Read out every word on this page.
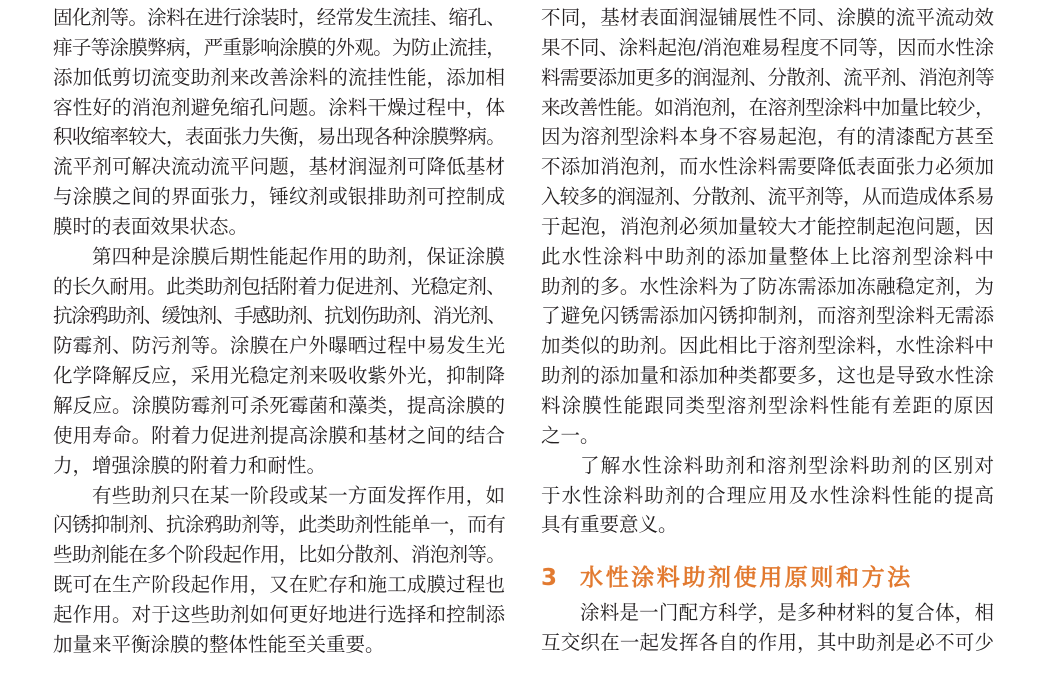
固化剂等。涂料在进行涂装时，经常发生流挂、缩孔、
痱子等涂膜弊病，严重影响涂膜的外观。为防止流挂，
添加低剪切流变助剂来改善涂料的流挂性能，添加相
容性好的消泡剂避免缩孔问题。涂料干燥过程中，体
积收缩率较大，表面张力失衡，易出现各种涂膜弊病。
流平剂可解决流动流平问题，基材润湿剂可降低基材
与涂膜之间的界面张力，锤纹剂或银排助剂可控制成
膜时的表面效果状态。
第四种是涂膜后期性能起作用的助剂，保证涂膜
的长久耐用。此类助剂包括附着力促进剂、光稳定剂、
抗涂鸦助剂、缓蚀剂、手感助剂、抗划伤助剂、消光剂、
防霉剂、防污剂等。涂膜在户外曝晒过程中易发生光
化学降解反应，采用光稳定剂来吸收紫外光，抑制降
解反应。涂膜防霉剂可杀死霉菌和藻类，提高涂膜的
使用寿命。附着力促进剂提高涂膜和基材之间的结合
力，增强涂膜的附着力和耐性。
有些助剂只在某一阶段或某一方面发挥作用，如
闪锈抑制剂、抗涂鸦助剂等，此类助剂性能单一，而有
些助剂能在多个阶段起作用，比如分散剂、消泡剂等。
既可在生产阶段起作用，又在贮存和施工成膜过程也
起作用。对于这些助剂如何更好地进行选择和控制添
加量来平衡涂膜的整体性能至关重要。
不同，基材表面润湿铺展性不同、涂膜的流平流动效
果不同、涂料起泡/消泡难易程度不同等，因而水性涂
料需要添加更多的润湿剂、分散剂、流平剂、消泡剂等
来改善性能。如消泡剂，在溶剂型涂料中加量比较少，
因为溶剂型涂料本身不容易起泡，有的清漆配方甚至
不添加消泡剂，而水性涂料需要降低表面张力必须加
入较多的润湿剂、分散剂、流平剂等，从而造成体系易
于起泡，消泡剂必须加量较大才能控制起泡问题，因
此水性涂料中助剂的添加量整体上比溶剂型涂料中
助剂的多。水性涂料为了防冻需添加冻融稳定剂，为
了避免闪锈需添加闪锈抑制剂，而溶剂型涂料无需添
加类似的助剂。因此相比于溶剂型涂料，水性涂料中
助剂的添加量和添加种类都要多，这也是导致水性涂
料涂膜性能跟同类型溶剂型涂料性能有差距的原因
之一。
了解水性涂料助剂和溶剂型涂料助剂的区别对
于水性涂料助剂的合理应用及水性涂料性能的提高
具有重要意义。
3 水性涂料助剂使用原则和方法
涂料是一门配方科学，是多种材料的复合体，相
互交织在一起发挥各自的作用，其中助剂是必不可少
